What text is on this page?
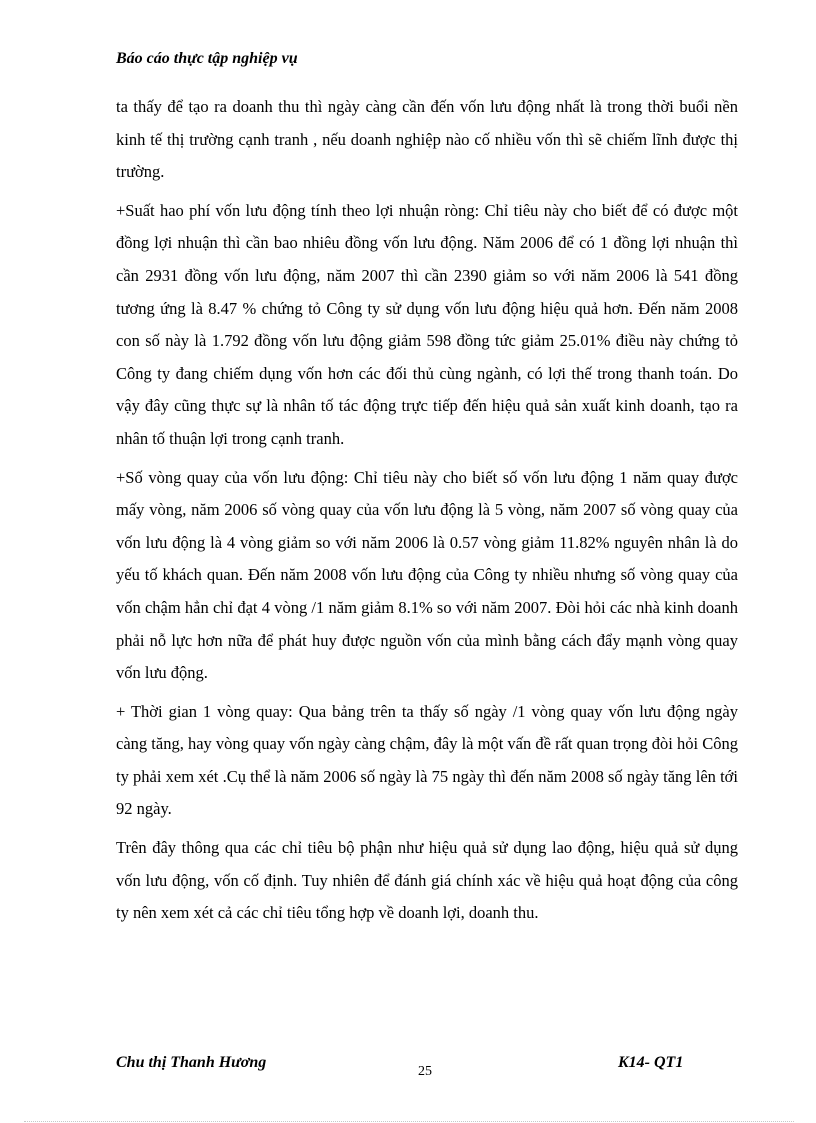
Báo cáo thực tập nghiệp vụ

ta thấy để tạo ra doanh thu thì ngày càng cần đến vốn lưu động nhất là trong thời buổi nền kinh tế thị trường cạnh tranh , nếu doanh nghiệp nào cố nhiều vốn thì sẽ chiếm lĩnh được thị trường.

+Suất hao phí vốn lưu động tính theo lợi nhuận ròng: Chỉ tiêu này cho biết để có được một đồng lợi nhuận thì cần bao nhiêu đồng vốn lưu động. Năm 2006 để có 1 đồng lợi nhuận thì cần 2931 đồng vốn lưu động, năm 2007 thì cần 2390 giảm so với năm 2006 là 541 đồng tương ứng là 8.47 % chứng tỏ Công ty sử dụng vốn lưu động hiệu quả hơn. Đến năm 2008 con số này là 1.792 đồng vốn lưu động giảm 598 đồng tức giảm 25.01% điều này chứng tỏ Công ty đang chiếm dụng vốn hơn các đối thủ cùng ngành, có lợi thế trong thanh toán. Do vậy đây cũng thực sự là nhân tố tác động trực tiếp đến hiệu quả sản xuất kinh doanh, tạo ra nhân tố thuận lợi trong cạnh tranh.

+Số vòng quay của vốn lưu động: Chỉ tiêu này cho biết số vốn lưu động 1 năm quay được mấy vòng, năm 2006 số vòng quay của vốn lưu động là 5 vòng, năm 2007 số vòng quay của vốn lưu động là 4 vòng giảm so với năm 2006 là 0.57 vòng giảm 11.82% nguyên nhân là do yếu tố khách quan. Đến năm 2008 vốn lưu động của Công ty nhiều nhưng số vòng quay của vốn chậm hẳn chỉ đạt 4 vòng /1 năm giảm 8.1% so với năm 2007. Đòi hỏi các nhà kinh doanh phải nỗ lực hơn nữa để phát huy được nguồn vốn của mình bằng cách đẩy mạnh vòng quay vốn lưu động.

+ Thời gian 1 vòng quay: Qua bảng trên ta thấy số ngày /1 vòng quay vốn lưu động ngày càng tăng, hay vòng quay vốn ngày càng chậm, đây là một vấn đề rất quan trọng đòi hỏi Công ty phải xem xét .Cụ thể là năm 2006 số ngày là 75 ngày thì đến năm 2008 số ngày tăng lên tới 92 ngày.

Trên đây thông qua các chỉ tiêu bộ phận như hiệu quả sử dụng lao động, hiệu quả sử dụng vốn lưu động, vốn cố định. Tuy nhiên để đánh giá chính xác về hiệu quả hoạt động của công ty nên xem xét cả các chỉ tiêu tổng hợp về doanh lợi, doanh thu.

Chu thị Thanh Hương

25

K14- QT1
